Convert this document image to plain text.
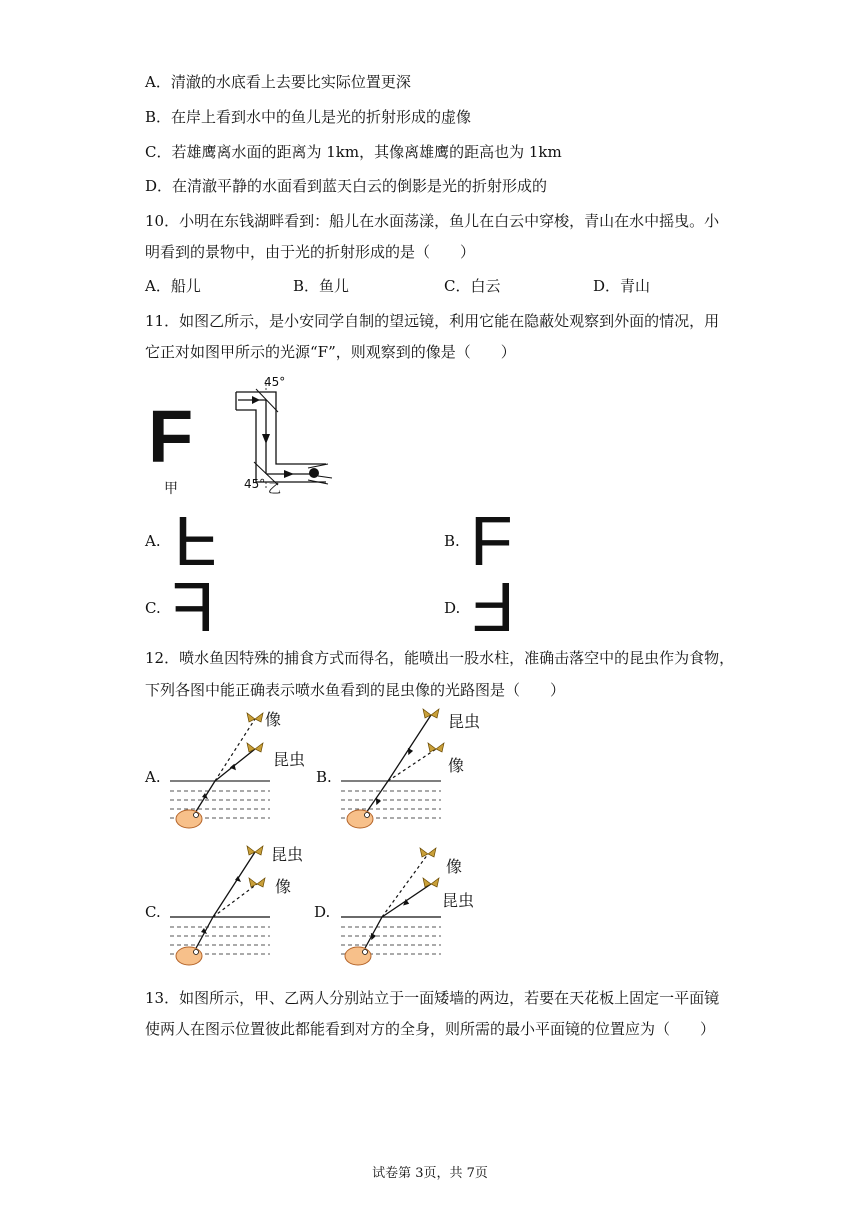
A．清澈的水底看上去要比实际位置更深
B．在岸上看到水中的鱼儿是光的折射形成的虚像
C．若雄鹰离水面的距离为 1km，其像离雄鹰的距高也为 1km
D．在清澈平静的水面看到蓝天白云的倒影是光的折射形成的
10．小明在东钱湖畔看到：船儿在水面荡漾，鱼儿在白云中穿梭，青山在水中摇曳。小
明看到的景物中，由于光的折射形成的是（　　）
A．船儿	B．鱼儿	C．白云	D．青山
11．如图乙所示，是小安同学自制的望远镜，利用它能在隐蔽处观察到外面的情况，用
它正对如图甲所示的光源“F”，则观察到的像是（　　）
F
甲
45°
45° 乙
A. F	B. F
C. F	D. F
12．喷水鱼因特殊的捕食方式而得名，能喷出一股水柱，准确击落空中的昆虫作为食物，
下列各图中能正确表示喷水鱼看到的昆虫像的光路图是（　　）
A.	B.
C.	D.
像
昆虫
昆虫
像
昆虫
像
像
昆虫
13．如图所示，甲、乙两人分别站立于一面矮墙的两边，若要在天花板上固定一平面镜
使两人在图示位置彼此都能看到对方的全身，则所需的最小平面镜的位置应为（　　）
试卷第 3页，共 7页
